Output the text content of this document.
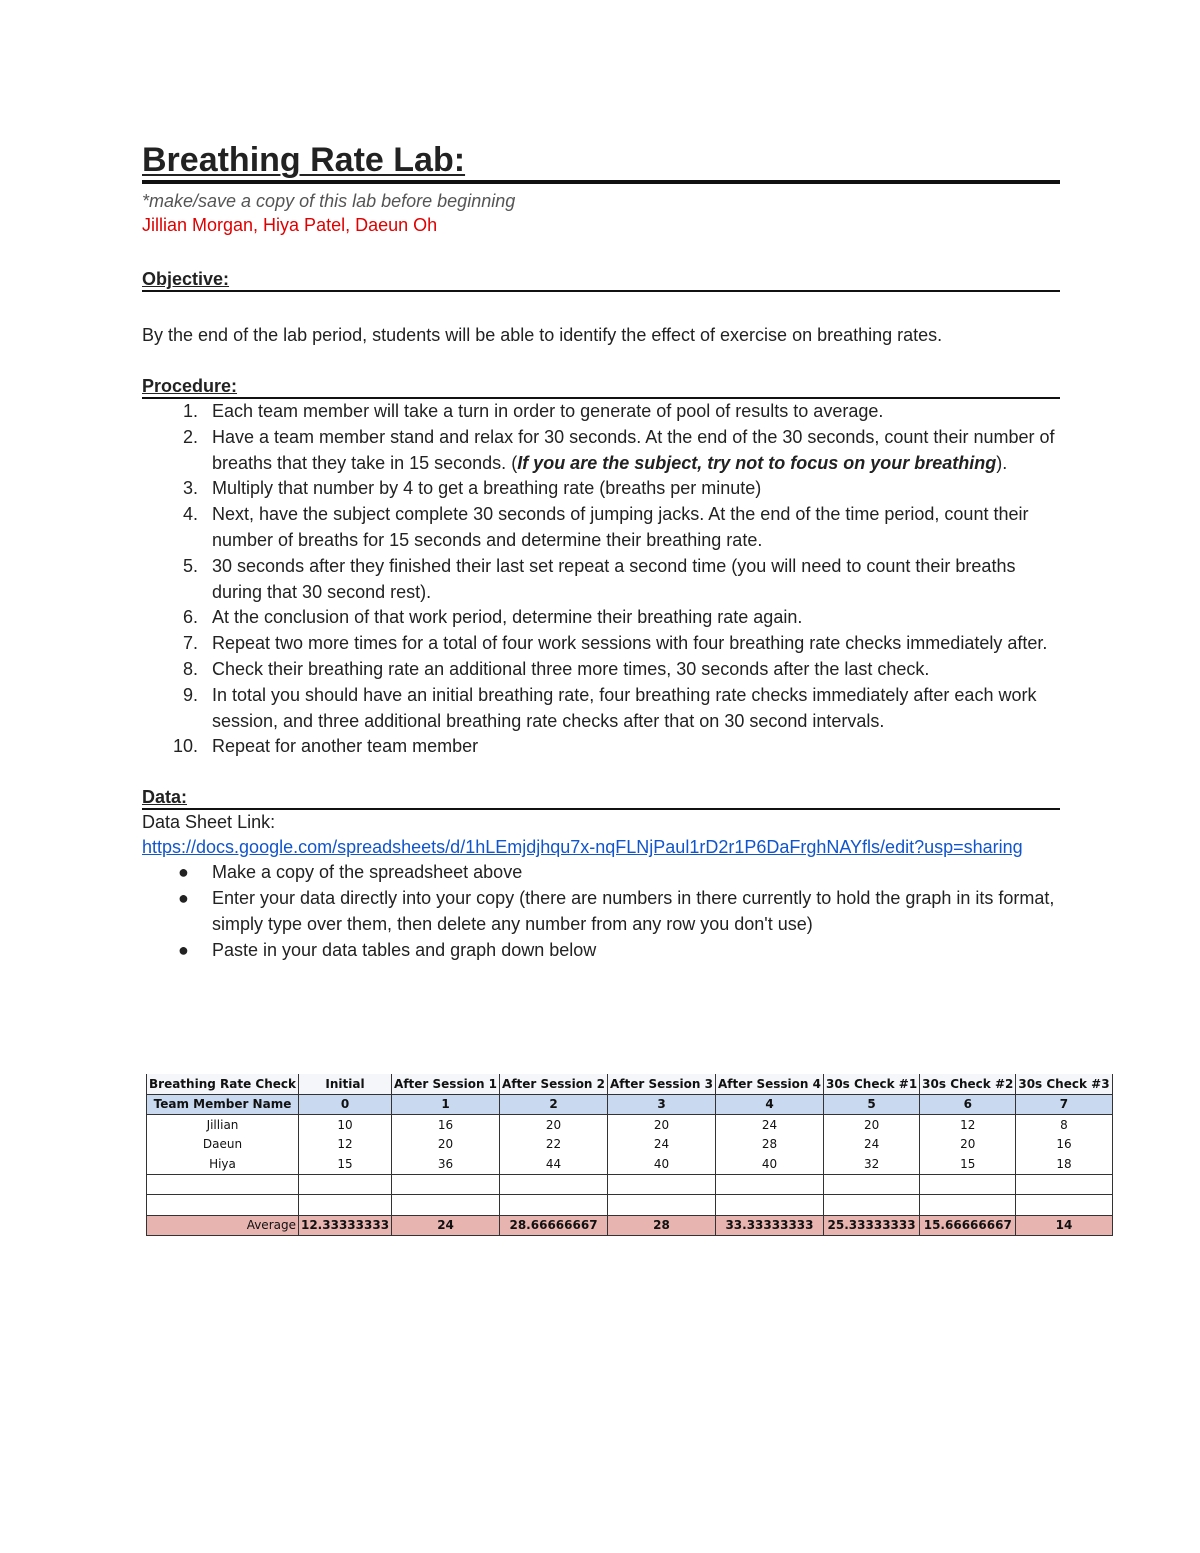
Breathing Rate Lab:
*make/save a copy of this lab before beginning
Jillian Morgan, Hiya Patel, Daeun Oh
Objective:
By the end of the lab period, students will be able to identify the effect of exercise on breathing rates.
Procedure:
1. Each team member will take a turn in order to generate of pool of results to average.
2. Have a team member stand and relax for 30 seconds. At the end of the 30 seconds, count their number of breaths that they take in 15 seconds. (If you are the subject, try not to focus on your breathing).
3. Multiply that number by 4 to get a breathing rate (breaths per minute)
4. Next, have the subject complete 30 seconds of jumping jacks. At the end of the time period, count their number of breaths for 15 seconds and determine their breathing rate.
5. 30 seconds after they finished their last set repeat a second time (you will need to count their breaths during that 30 second rest).
6. At the conclusion of that work period, determine their breathing rate again.
7. Repeat two more times for a total of four work sessions with four breathing rate checks immediately after.
8. Check their breathing rate an additional three more times, 30 seconds after the last check.
9. In total you should have an initial breathing rate, four breathing rate checks immediately after each work session, and three additional breathing rate checks after that on 30 second intervals.
10. Repeat for another team member
Data:
Data Sheet Link:
https://docs.google.com/spreadsheets/d/1hLEmjdjhqu7x-nqFLNjPaul1rD2r1P6DaFrghNAYfls/edit?usp=sharing
● Make a copy of the spreadsheet above
● Enter your data directly into your copy (there are numbers in there currently to hold the graph in its format, simply type over them, then delete any number from any row you don't use)
● Paste in your data tables and graph down below
Breathing Rate Check	Initial	After Session 1	After Session 2	After Session 3	After Session 4	30s Check #1	30s Check #2	30s Check #3
Team Member Name	0	1	2	3	4	5	6	7
Jillian	10	16	20	20	24	20	12	8
Daeun	12	20	22	24	28	24	20	16
Hiya	15	36	44	40	40	32	15	18

Average	12.33333333	24	28.66666667	28	33.33333333	25.33333333	15.66666667	14
